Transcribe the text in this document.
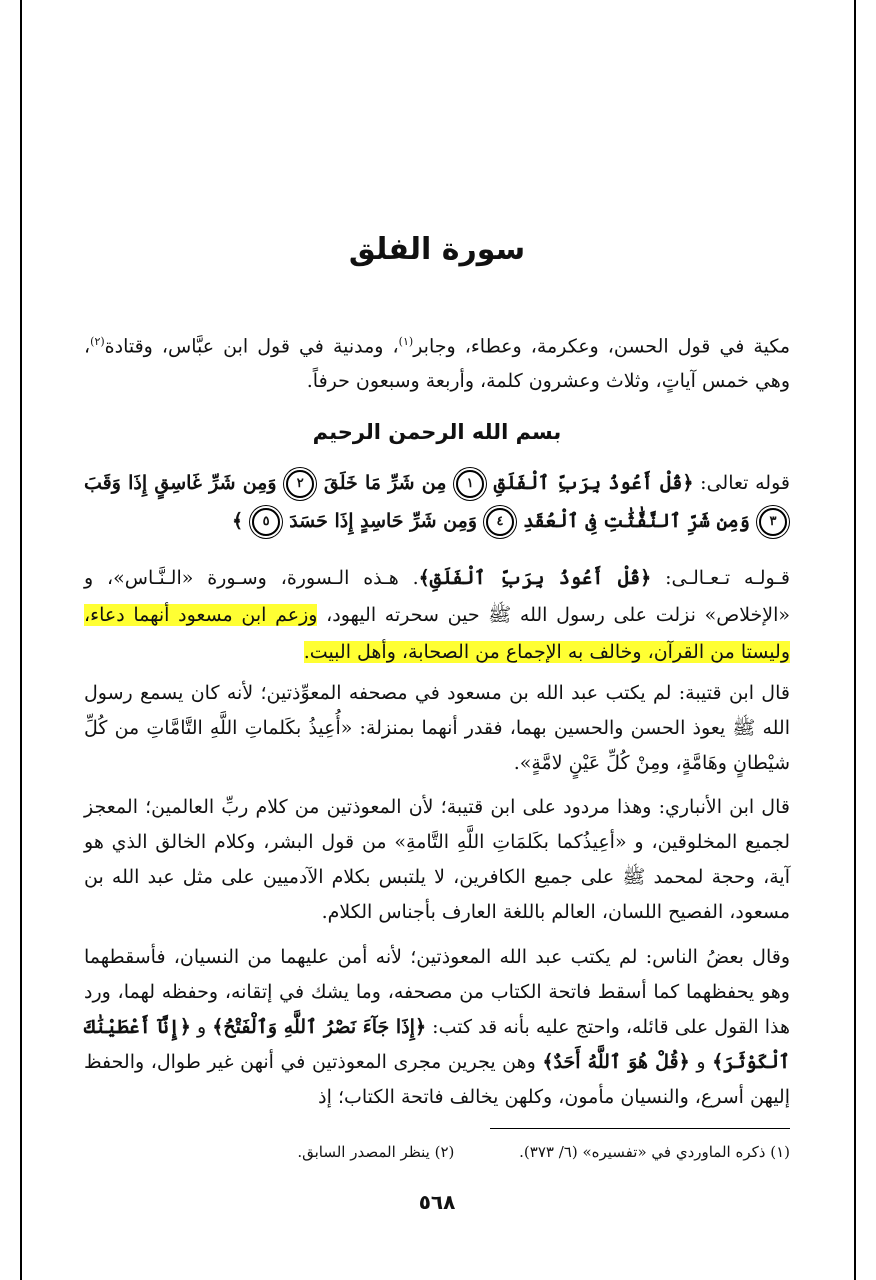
سورة الفلق

مكية في قول الحسن، وعكرمة، وعطاء، وجابر$^{(١)}$، ومدنية في قول ابن عبَّاس، وقتادة$^{(٢)}$، وهي خمس آياتٍ، وثلاث وعشرون كلمة، وأربعة وسبعون حرفاً.

بسم الله الرحمن الرحيم

قوله تعالى: ﴿قُلْ أَعُوذُ بِرَبِّ ٱلْفَلَقِ ١ مِن شَرِّ مَا خَلَقَ ٢ وَمِن شَرِّ غَاسِقٍ إِذَا وَقَبَ ٣ وَمِن شَرِّ ٱلنَّفَّٰثَٰتِ فِى ٱلْعُقَدِ ٤ وَمِن شَرِّ حَاسِدٍ إِذَا حَسَدَ ٥ ﴾

قـولـه تـعـالـى: ﴿قُلْ أَعُوذُ بِرَبِّ ٱلْفَلَقِ﴾. هـذه الـسورة، وسـورة «الـنَّـاس»، و «الإخلاص» نزلت على رسول الله ﷺ حين سحرته اليهود، وزعم ابن مسعود أنهما دعاء، وليستا من القرآن، وخالف به الإجماع من الصحابة، وأهل البيت.

قال ابن قتيبة: لم يكتب عبد الله بن مسعود في مصحفه المعوِّذتين؛ لأنه كان يسمع رسول الله ﷺ يعوذ الحسن والحسين بهما، فقدر أنهما بمنزلة: «أُعِيذُ بكَلماتِ اللَّهِ التَّامَّاتِ من كُلِّ شيْطانٍ وهَامَّةٍ، ومِنْ كُلِّ عَيْنٍ لامَّةٍ».

قال ابن الأنباري: وهذا مردود على ابن قتيبة؛ لأن المعوذتين من كلام ربِّ العالمين؛ المعجز لجميع المخلوقين، و «أعِيذُكما بكَلمَاتِ اللَّهِ التَّامةِ» من قول البشر، وكلام الخالق الذي هو آية، وحجة لمحمد ﷺ على جميع الكافرين، لا يلتبس بكلام الآدميين على مثل عبد الله بن مسعود، الفصيح اللسان، العالم باللغة العارف بأجناس الكلام.

وقال بعضُ الناس: لم يكتب عبد الله المعوذتين؛ لأنه أمن عليهما من النسيان، فأسقطهما وهو يحفظهما كما أسقط فاتحة الكتاب من مصحفه، وما يشك في إتقانه، وحفظه لهما، ورد هذا القول على قائله، واحتج عليه بأنه قد كتب: ﴿إِذَا جَآءَ نَصْرُ ٱللَّهِ وَٱلْفَتْحُ﴾ و ﴿إِنَّآ أَعْطَيْنَٰكَ ٱلْكَوْثَرَ﴾ و ﴿قُلْ هُوَ ٱللَّهُ أَحَدٌ﴾ وهن يجرين مجرى المعوذتين في أنهن غير طوال، والحفظ إليهن أسرع، والنسيان مأمون، وكلهن يخالف فاتحة الكتاب؛ إذ

(١) ذكره الماوردي في «تفسيره» (٦/ ٣٧٣). (٢) ينظر المصدر السابق.
٥٦٨
